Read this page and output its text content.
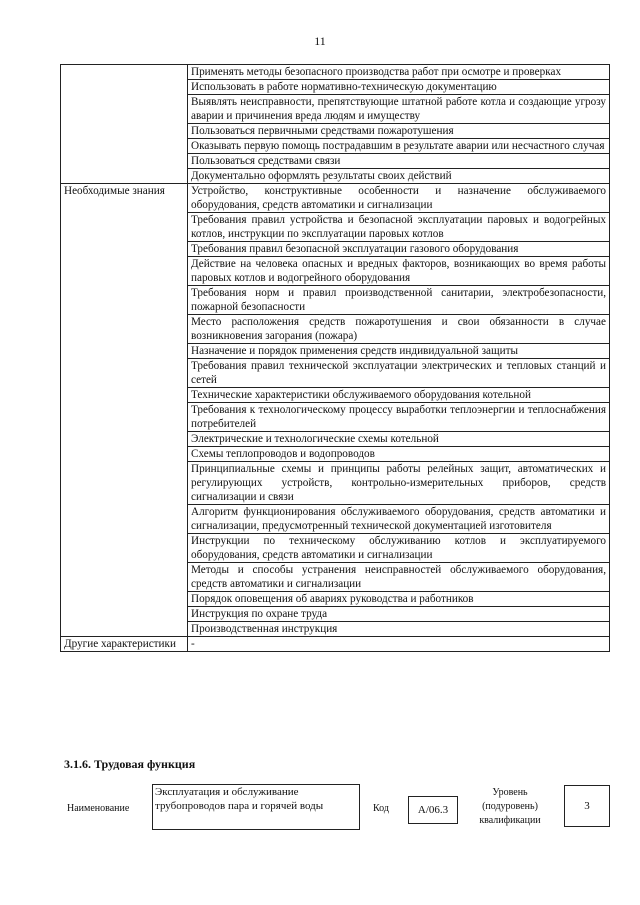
11
	Применять методы безопасного производства работ при осмотре и проверках
	Использовать в работе нормативно-техническую документацию
	Выявлять неисправности, препятствующие штатной работе котла и создающие угрозу аварии и причинения вреда людям и имуществу
	Пользоваться первичными средствами пожаротушения
	Оказывать первую помощь пострадавшим в результате аварии или несчастного случая
	Пользоваться средствами связи
	Документально оформлять результаты своих действий
Необходимые знания	Устройство, конструктивные особенности и назначение обслуживаемого оборудования, средств автоматики и сигнализации
	Требования правил устройства и безопасной эксплуатации паровых и водогрейных котлов, инструкции по эксплуатации паровых котлов
	Требования правил безопасной эксплуатации газового оборудования
	Действие на человека опасных и вредных факторов, возникающих во время работы паровых котлов и водогрейного оборудования
	Требования норм и правил производственной санитарии, электробезопасности, пожарной безопасности
	Место расположения средств пожаротушения и свои обязанности в случае возникновения загорания (пожара)
	Назначение и порядок применения средств индивидуальной защиты
	Требования правил технической эксплуатации электрических и тепловых станций и сетей
	Технические характеристики обслуживаемого оборудования котельной
	Требования к технологическому процессу выработки теплоэнергии и теплоснабжения потребителей
	Электрические и технологические схемы котельной
	Схемы теплопроводов и водопроводов
	Принципиальные схемы и принципы работы релейных защит, автоматических и регулирующих устройств, контрольно-измерительных приборов, средств сигнализации и связи
	Алгоритм функционирования обслуживаемого оборудования, средств автоматики и сигнализации, предусмотренный технической документацией изготовителя
	Инструкции по техническому обслуживанию котлов и эксплуатируемого оборудования, средств автоматики и сигнализации
	Методы и способы устранения неисправностей обслуживаемого оборудования, средств автоматики и сигнализации
	Порядок оповещения об авариях руководства и работников
	Инструкция по охране труда
	Производственная инструкция
Другие характеристики	-
3.1.6. Трудовая функция
Наименование
Эксплуатация и обслуживание трубопроводов пара и горячей воды	Код	A/06.3
Уровень (подуровень) квалификации
3
